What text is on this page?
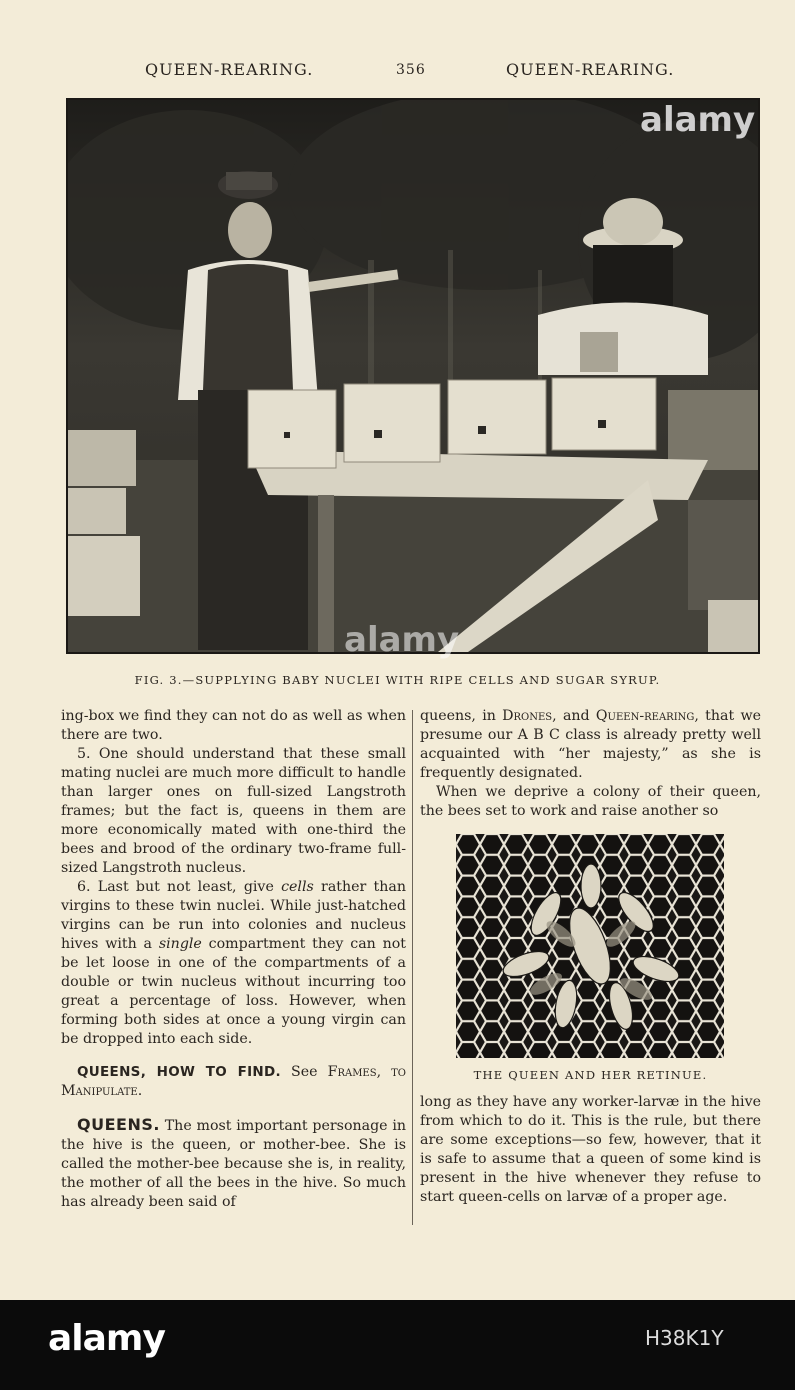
QUEEN-REARING.	356	QUEEN-REARING.
FIG. 3.—SUPPLYING BABY NUCLEI WITH RIPE CELLS AND SUGAR SYRUP.

ing-box we find they can not do as well as when there are two.

5. One should understand that these small mating nuclei are much more difficult to handle than larger ones on full-sized Langstroth frames; but the fact is, queens in them are more economically mated with one-third the bees and brood of the ordinary two-frame full-sized Langstroth nucleus.

6. Last but not least, give cells rather than virgins to these twin nuclei. While just-hatched virgins can be run into colonies and nucleus hives with a single compartment they can not be let loose in one of the compartments of a double or twin nucleus without incurring too great a percentage of loss. However, when forming both sides at once a young virgin can be dropped into each side.

QUEENS, HOW TO FIND. See Frames, to Manipulate.

QUEENS. The most important personage in the hive is the queen, or mother-bee. She is called the mother-bee because she is, in reality, the mother of all the bees in the hive. So much has already been said of

queens, in Drones, and Queen-rearing, that we presume our A B C class is already pretty well acquainted with “her majesty,” as she is frequently designated.

When we deprive a colony of their queen, the bees set to work and raise another so

THE QUEEN AND HER RETINUE.

long as they have any worker-larvæ in the hive from which to do it. This is the rule, but there are some exceptions—so few, however, that it is safe to assume that a queen of some kind is present in the hive whenever they refuse to start queen-cells on larvæ of a proper age.

alamy
alamy
alamy	H38K1Y
